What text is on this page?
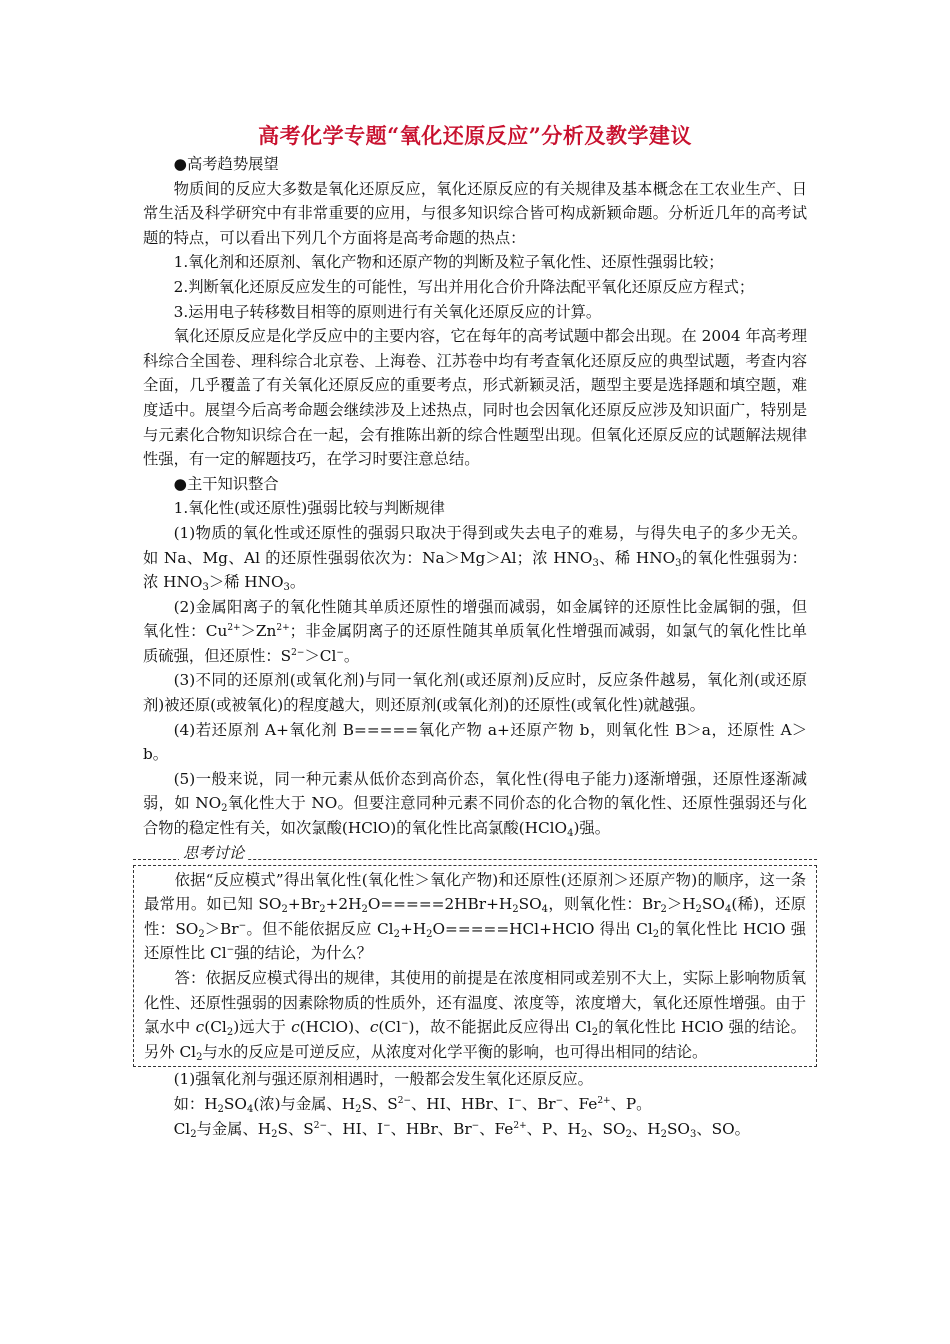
高考化学专题“氧化还原反应”分析及教学建议

●高考趋势展望

物质间的反应大多数是氧化还原反应，氧化还原反应的有关规律及基本概念在工农业生产、日常生活及科学研究中有非常重要的应用，与很多知识综合皆可构成新颖命题。分析近几年的高考试题的特点，可以看出下列几个方面将是高考命题的热点：

1.氧化剂和还原剂、氧化产物和还原产物的判断及粒子氧化性、还原性强弱比较；

2.判断氧化还原反应发生的可能性，写出并用化合价升降法配平氧化还原反应方程式；

3.运用电子转移数目相等的原则进行有关氧化还原反应的计算。

氧化还原反应是化学反应中的主要内容，它在每年的高考试题中都会出现。在 2004 年高考理科综合全国卷、理科综合北京卷、上海卷、江苏卷中均有考查氧化还原反应的典型试题，考查内容全面，几乎覆盖了有关氧化还原反应的重要考点，形式新颖灵活，题型主要是选择题和填空题，难度适中。展望今后高考命题会继续涉及上述热点，同时也会因氧化还原反应涉及知识面广，特别是与元素化合物知识综合在一起，会有推陈出新的综合性题型出现。但氧化还原反应的试题解法规律性强，有一定的解题技巧，在学习时要注意总结。

●主干知识整合

1.氧化性(或还原性)强弱比较与判断规律

(1)物质的氧化性或还原性的强弱只取决于得到或失去电子的难易，与得失电子的多少无关。如 Na、Mg、Al 的还原性强弱依次为：Na＞Mg＞Al；浓 $HNO_3$、稀 $HNO_3$的氧化性强弱为：浓 $HNO_3>$稀 $HNO_3$。

(2)金属阳离子的氧化性随其单质还原性的增强而减弱，如金属锌的还原性比金属铜的强，但氧化性：$Cu^{2+}>Zn^{2+}$；非金属阴离子的还原性随其单质氧化性增强而减弱，如氯气的氧化性比单质硫强，但还原性：$S^{2-}>Cl^-$。

(3)不同的还原剂(或氧化剂)与同一氧化剂(或还原剂)反应时，反应条件越易，氧化剂(或还原剂)被还原(或被氧化)的程度越大，则还原剂(或氧化剂)的还原性(或氧化性)就越强。

(4)若还原剂 A+氧化剂 B=====氧化产物 a+还原产物 b，则氧化性 B＞a，还原性 A＞b。

(5)一般来说，同一种元素从低价态到高价态，氧化性(得电子能力)逐渐增强，还原性逐渐减弱，如 $NO_2$氧化性大于 NO。但要注意同种元素不同价态的化合物的氧化性、还原性强弱还与化合物的稳定性有关，如次氯酸(HClO)的氧化性比高氯酸(HClO$_4$)强。

思考讨论

依据“反应模式”得出氧化性(氧化性＞氧化产物)和还原性(还原剂＞还原产物)的顺序，这一条最常用。如已知 $SO_2+Br_2+2H_2O=====2HBr+H_2SO_4$，则氧化性：$Br_2>H_2SO_4$(稀)，还原性：$SO_2>Br^-$。但不能依据反应 $Cl_2+H_2O=====HCl+HClO$ 得出 $Cl_2$的氧化性比 HClO 强还原性比 Cl−强的结论，为什么？

答：依据反应模式得出的规律，其使用的前提是在浓度相同或差别不大上，实际上影响物质氧化性、还原性强弱的因素除物质的性质外，还有温度、浓度等，浓度增大，氧化还原性增强。由于氯水中 $c(Cl_2)$远大于 c(HClO)、c(Cl−)，故不能据此反应得出 $Cl_2$的氧化性比 HClO 强的结论。另外 $Cl_2$与水的反应是可逆反应，从浓度对化学平衡的影响，也可得出相同的结论。

(1)强氧化剂与强还原剂相遇时，一般都会发生氧化还原反应。

如：$H_2SO_4$(浓)与金属、$H_2S$、$S^{2-}$、HI、HBr、I−、Br−、$Fe^{2+}$、P。

$Cl_2$与金属、$H_2S$、$S^{2-}$、HI、I−、HBr、Br−、$Fe^{2+}$、P、$H_2$、$SO_2$、$H_2SO_3$、SO。
